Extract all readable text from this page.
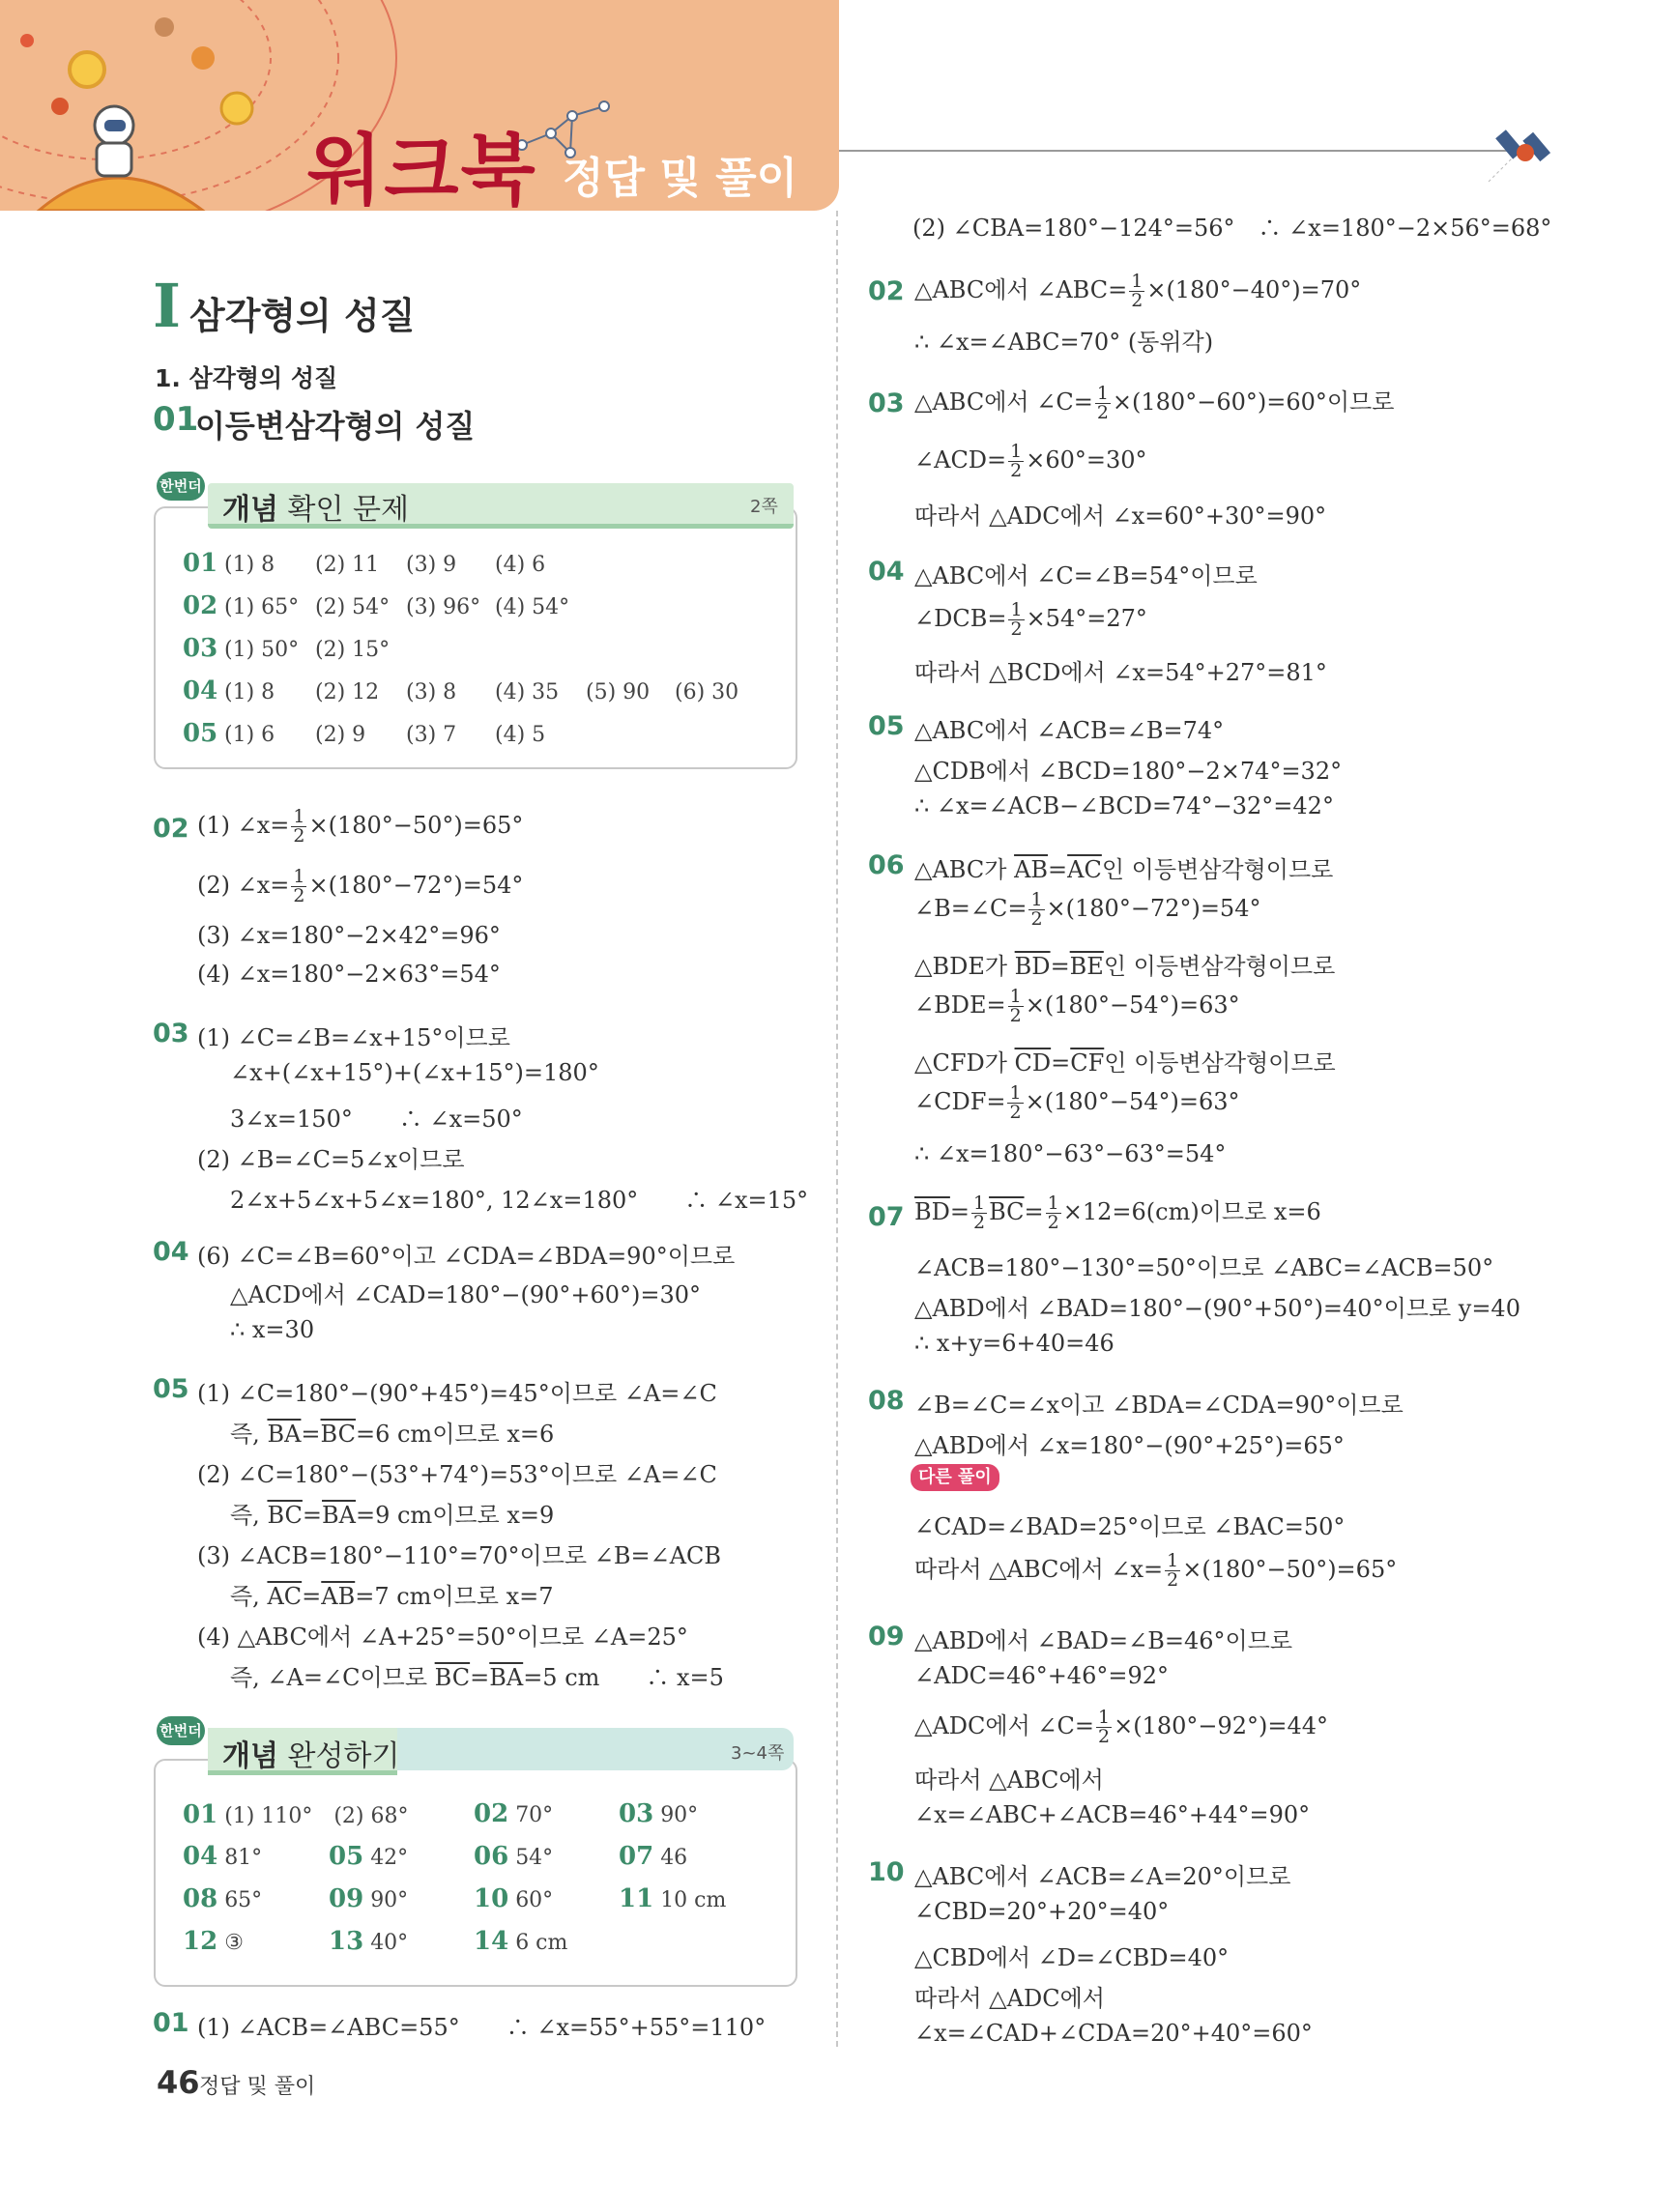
워크북 정답 및 풀이
I 삼각형의 성질
1. 삼각형의 성질
01
이등변삼각형의 성질
한번더
개념 확인 문제	2쪽
01 (1) 8 (2) 11 (3) 9 (4) 6
02 (1) 65° (2) 54° (3) 96° (4) 54°
03 (1) 50° (2) 15°
04 (1) 8 (2) 12 (3) 8 (4) 35 (5) 90 (6) 30
05 (1) 6 (2) 9 (3) 7 (4) 5
02 (1) ∠x= $\frac{1}{2} \times(180^\circ-50^\circ)=65^\circ$
(2) ∠x= $\frac{1}{2} \times(180^\circ-72^\circ)=54^\circ$
(3) ∠x=180°−2×42°=96°
(4) ∠x=180°−2×63°=54°
03 (1) ∠C=∠B=∠x+15°이므로
∠x+(∠x+15°)+(∠x+15°)=180°
3∠x=150°　　∴ ∠x=50°
(2) ∠B=∠C=5∠x이므로
2∠x+5∠x+5∠x=180°, 12∠x=180°　　∴ ∠x=15°
04 (6) ∠C=∠B=60°이고 ∠CDA=∠BDA=90°이므로
△ACD에서 ∠CAD=180°−(90°+60°)=30°
∴ x=30
05 (1) ∠C=180°−(90°+45°)=45°이므로 ∠A=∠C
즉, $\overline{BA}=\overline{BC}=6$ cm이므로 x=6
(2) ∠C=180°−(53°+74°)=53°이므로 ∠A=∠C
즉, $\overline{BC}=\overline{BA}=9$ cm이므로 x=9
(3) ∠ACB=180°−110°=70°이므로 ∠B=∠ACB
즉, $\overline{AC}=\overline{AB}=7$ cm이므로 x=7
(4) △ABC에서 ∠A+25°=50°이므로 ∠A=25°
즉, ∠A=∠C이므로 $\overline{BC}=\overline{BA}=5$ cm　　∴ x=5
한번더
개념 완성하기	3~4쪽
01 (1) 110°　(2) 68°	02 70°	03 90°
04 81°	05 42°	06 54°	07 46
08 65°	09 90°	10 60°	11 10 cm
12 ③	13 40°	14 6 cm
01 (1) ∠ACB=∠ABC=55°　　∴ ∠x=55°+55°=110°
(2) ∠CBA=180°−124°=56°　∴ ∠x=180°−2×56°=68°
02 △ABC에서 ∠ABC= $\frac{1}{2} \times(180^\circ-40^\circ)=70^\circ$
∴ ∠x=∠ABC=70° (동위각)
03 △ABC에서 ∠C= $\frac{1}{2} \times(180^\circ-60^\circ)=60^\circ$이므로
∠ACD= $\frac{1}{2} \times 60^\circ=30^\circ$
따라서 △ADC에서 ∠x=60°+30°=90°
04 △ABC에서 ∠C=∠B=54°이므로
∠DCB= $\frac{1}{2} \times 54^\circ=27^\circ$
따라서 △BCD에서 ∠x=54°+27°=81°
05 △ABC에서 ∠ACB=∠B=74°
△CDB에서 ∠BCD=180°−2×74°=32°
∴ ∠x=∠ACB−∠BCD=74°−32°=42°
06 △ABC가 $\overline{AB}=\overline{AC}$인 이등변삼각형이므로
∠B=∠C= $\frac{1}{2} \times(180^\circ-72^\circ)=54^\circ$
△BDE가 $\overline{BD}=\overline{BE}$인 이등변삼각형이므로
∠BDE= $\frac{1}{2} \times(180^\circ-54^\circ)=63^\circ$
△CFD가 $\overline{CD}=\overline{CF}$인 이등변삼각형이므로
∠CDF= $\frac{1}{2} \times(180^\circ-54^\circ)=63^\circ$
∴ ∠x=180°−63°−63°=54°
07 $\overline{BD}= \frac{1}{2} \overline{BC}= \frac{1}{2} \times 12=6(cm)$이므로 x=6
∠ACB=180°−130°=50°이므로 ∠ABC=∠ACB=50°
△ABD에서 ∠BAD=180°−(90°+50°)=40°이므로 y=40
∴ x+y=6+40=46
08 ∠B=∠C=∠x이고 ∠BDA=∠CDA=90°이므로
△ABD에서 ∠x=180°−(90°+25°)=65°
다른 풀이
∠CAD=∠BAD=25°이므로 ∠BAC=50°
따라서 △ABC에서 ∠x= $\frac{1}{2} \times(180^\circ-50^\circ)=65^\circ$
09 △ABD에서 ∠BAD=∠B=46°이므로
∠ADC=46°+46°=92°
△ADC에서 ∠C= $\frac{1}{2} \times(180^\circ-92^\circ)=44^\circ$
따라서 △ABC에서
∠x=∠ABC+∠ACB=46°+44°=90°
10 △ABC에서 ∠ACB=∠A=20°이므로
∠CBD=20°+20°=40°
△CBD에서 ∠D=∠CBD=40°
따라서 △ADC에서
∠x=∠CAD+∠CDA=20°+40°=60°
46 정답 및 풀이
